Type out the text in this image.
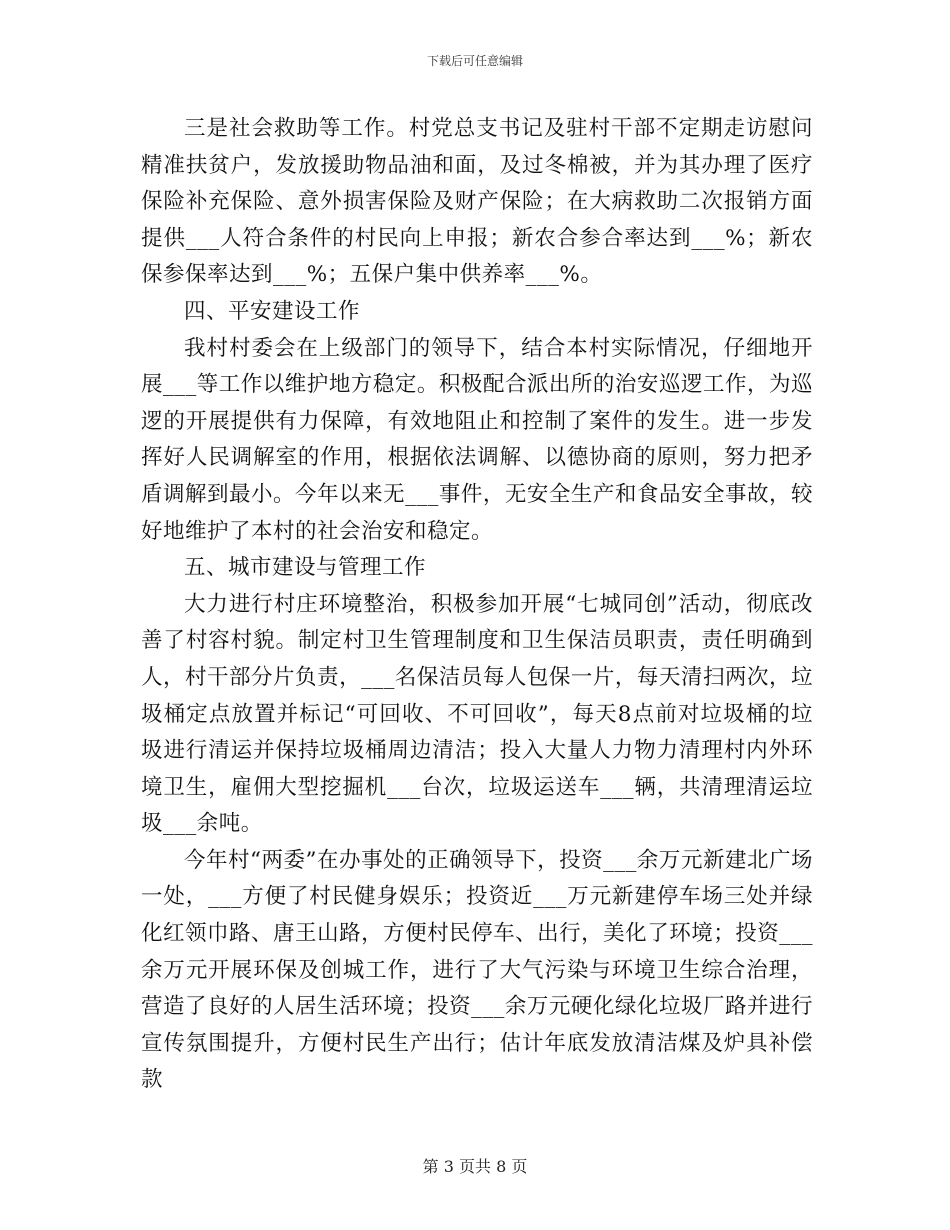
下载后可任意编辑

三是社会救助等工作。村党总支书记及驻村干部不定期走访慰问精准扶贫户，发放援助物品油和面，及过冬棉被，并为其办理了医疗保险补充保险、意外损害保险及财产保险；在大病救助二次报销方面提供___人符合条件的村民向上申报；新农合参合率达到___%；新农保参保率达到___%；五保户集中供养率___%。

四、平安建设工作

我村村委会在上级部门的领导下，结合本村实际情况，仔细地开展___等工作以维护地方稳定。积极配合派出所的治安巡逻工作，为巡逻的开展提供有力保障，有效地阻止和控制了案件的发生。进一步发挥好人民调解室的作用，根据依法调解、以德协商的原则，努力把矛盾调解到最小。今年以来无___事件，无安全生产和食品安全事故，较好地维护了本村的社会治安和稳定。

五、城市建设与管理工作

大力进行村庄环境整治，积极参加开展“七城同创”活动，彻底改善了村容村貌。制定村卫生管理制度和卫生保洁员职责，责任明确到人，村干部分片负责，___名保洁员每人包保一片，每天清扫两次，垃圾桶定点放置并标记“可回收、不可回收”，每天8点前对垃圾桶的垃圾进行清运并保持垃圾桶周边清洁；投入大量人力物力清理村内外环境卫生，雇佣大型挖掘机___台次，垃圾运送车___辆，共清理清运垃圾___余吨。

今年村“两委”在办事处的正确领导下，投资___余万元新建北广场一处，___方便了村民健身娱乐；投资近___万元新建停车场三处并绿化红领巾路、唐王山路，方便村民停车、出行，美化了环境；投资___余万元开展环保及创城工作，进行了大气污染与环境卫生综合治理，营造了良好的人居生活环境；投资___余万元硬化绿化垃圾厂路并进行宣传氛围提升，方便村民生产出行；估计年底发放清洁煤及炉具补偿款

第 3 页共 8 页
